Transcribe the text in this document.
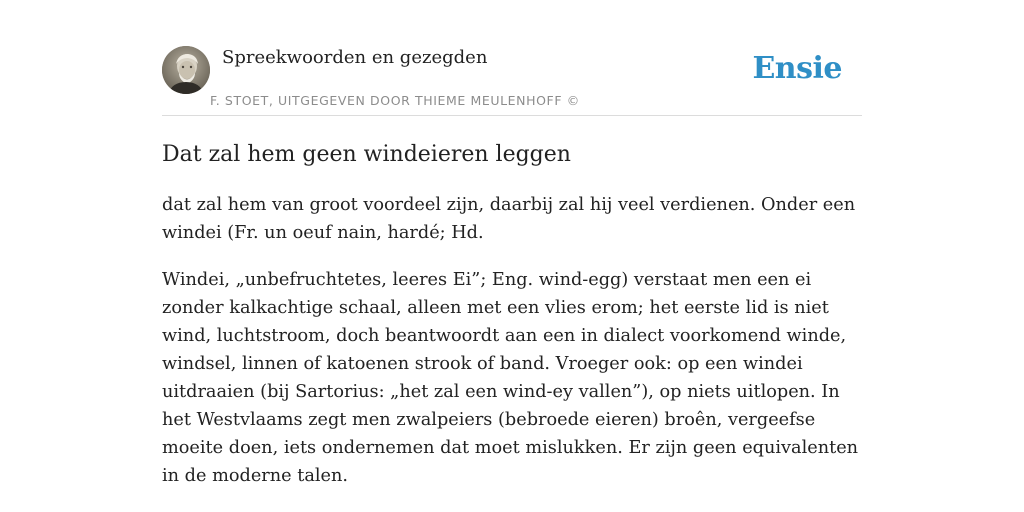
Spreekwoorden en gezegden
F. STOET, UITGEGEVEN DOOR THIEME MEULENHOFF ©
Ensie
Dat zal hem geen windeieren leggen

dat zal hem van groot voordeel zijn, daarbij zal hij veel verdienen. Onder een windei (Fr. un oeuf nain, hardé; Hd.

Windei, „unbefruchtetes, leeres Ei”; Eng. wind-egg) verstaat men een ei zonder kalkachtige schaal, alleen met een vlies erom; het eerste lid is niet wind, luchtstroom, doch beantwoordt aan een in dialect voorkomend winde, windsel, linnen of katoenen strook of band. Vroeger ook: op een windei uitdraaien (bij Sartorius: „het zal een wind-ey vallen”), op niets uitlopen. In het Westvlaams zegt men zwalpeiers (bebroede eieren) broên, vergeefse moeite doen, iets ondernemen dat moet mislukken. Er zijn geen equivalenten in de moderne talen.
